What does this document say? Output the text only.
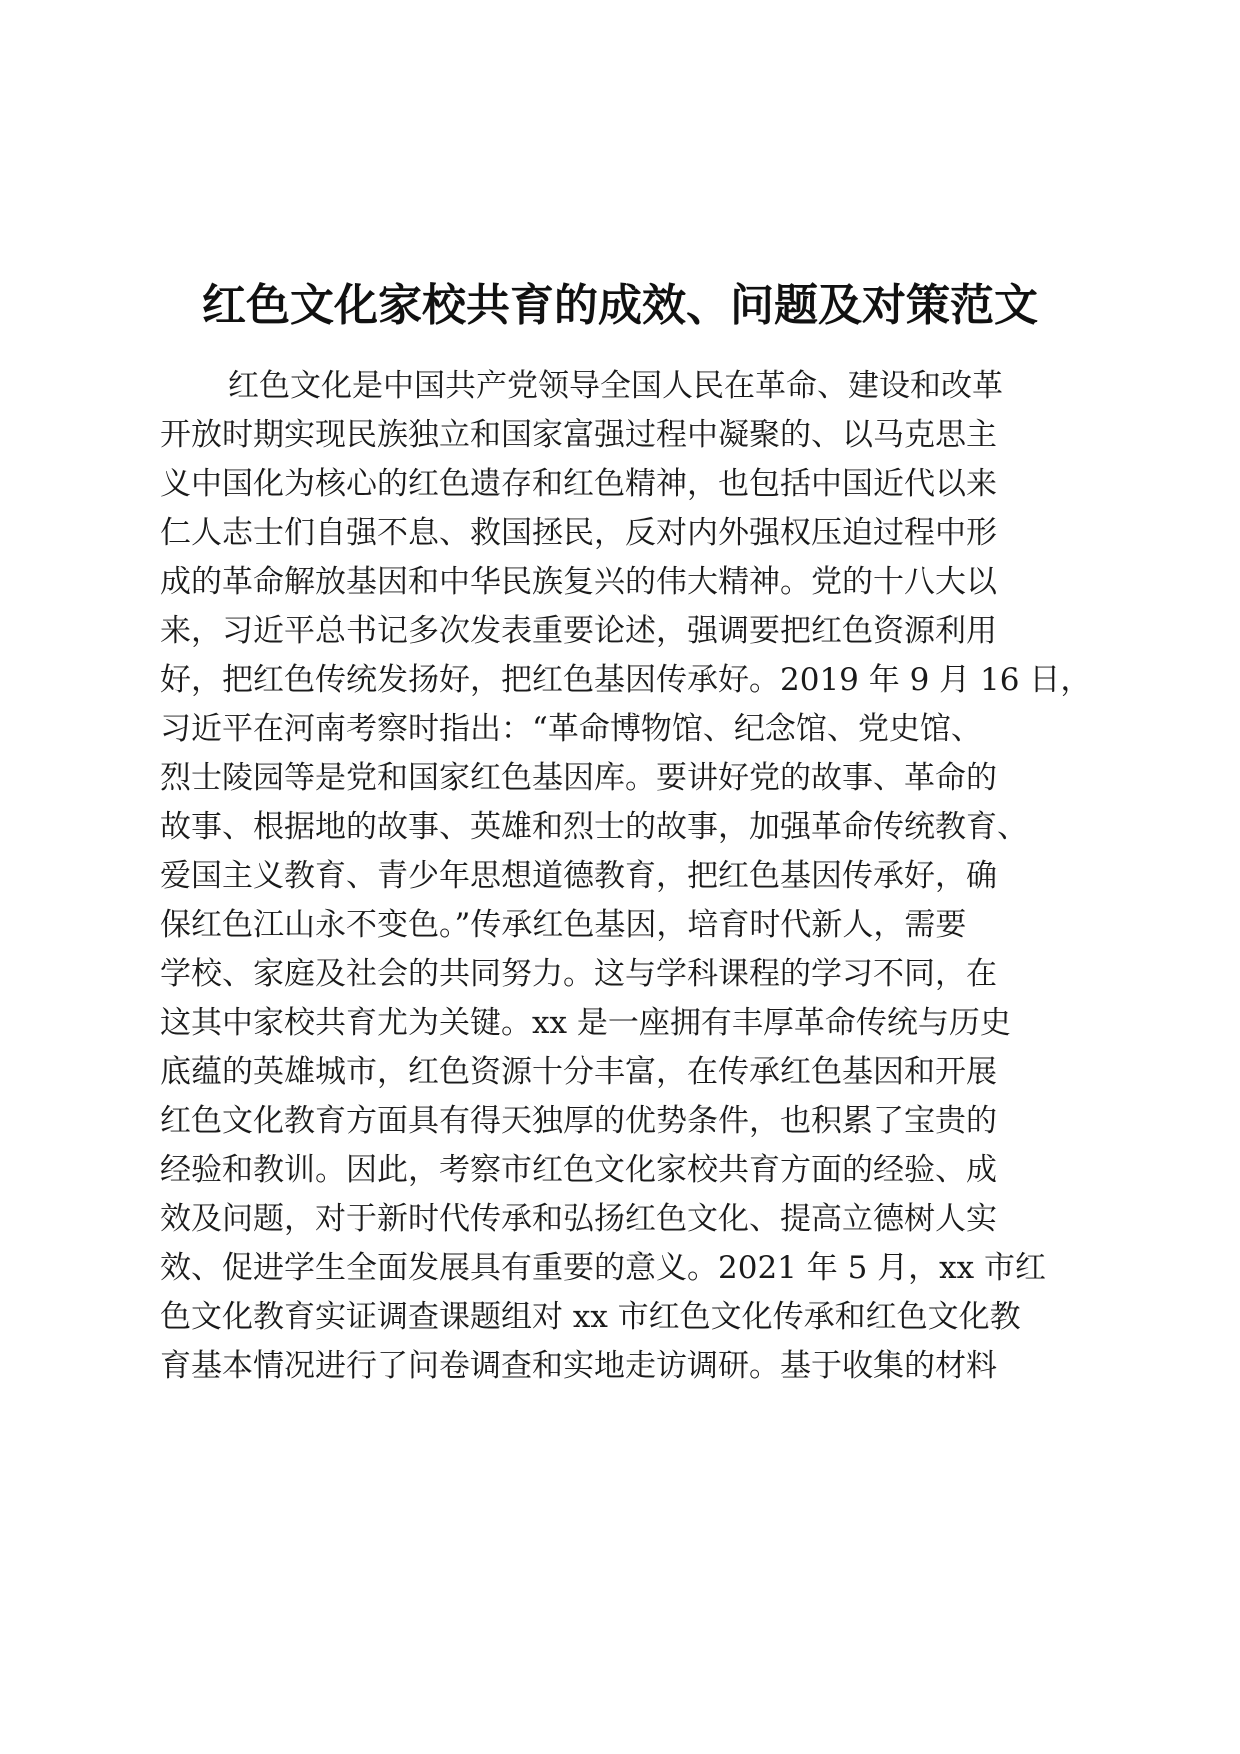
红色文化家校共育的成效、问题及对策范文
红色文化是中国共产党领导全国人民在革命、建设和改革
开放时期实现民族独立和国家富强过程中凝聚的、以马克思主
义中国化为核心的红色遗存和红色精神，也包括中国近代以来
仁人志士们自强不息、救国拯民，反对内外强权压迫过程中形
成的革命解放基因和中华民族复兴的伟大精神。党的十八大以
来，习近平总书记多次发表重要论述，强调要把红色资源利用
好，把红色传统发扬好，把红色基因传承好。2019 年 9 月 16 日，
习近平在河南考察时指出：“革命博物馆、纪念馆、党史馆、
烈士陵园等是党和国家红色基因库。要讲好党的故事、革命的
故事、根据地的故事、英雄和烈士的故事，加强革命传统教育、
爱国主义教育、青少年思想道德教育，把红色基因传承好，确
保红色江山永不变色。”传承红色基因，培育时代新人，需要
学校、家庭及社会的共同努力。这与学科课程的学习不同，在
这其中家校共育尤为关键。xx 是一座拥有丰厚革命传统与历史
底蕴的英雄城市，红色资源十分丰富，在传承红色基因和开展
红色文化教育方面具有得天独厚的优势条件，也积累了宝贵的
经验和教训。因此，考察市红色文化家校共育方面的经验、成
效及问题，对于新时代传承和弘扬红色文化、提高立德树人实
效、促进学生全面发展具有重要的意义。2021 年 5 月，xx 市红
色文化教育实证调查课题组对 xx 市红色文化传承和红色文化教
育基本情况进行了问卷调查和实地走访调研。基于收集的材料
